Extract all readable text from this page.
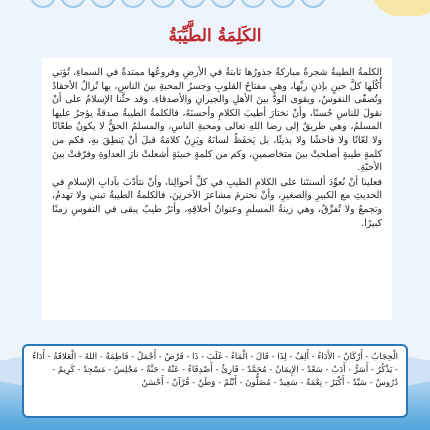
الكَلِمَةُ الطَّيِّبَةُ

الكلمةُ الطيبةُ شجرةٌ مباركةٌ جذورُها ثابتةٌ في الأرضِ وفروعُها ممتدةٌ في السماءِ، تُؤتي أُكُلَها كلَّ حينٍ بإذنِ ربِّها، وهي مفتاحُ القلوبِ وجسرُ المحبةِ بينَ الناسِ، بها تُزالُ الأحقادُ وتُصفّى النفوسُ، ويقوى الودُّ بينَ الأهلِ والجيرانِ والأصدقاءِ. وقد حثَّنا الإسلامُ على أنْ نقولَ للناسِ حُسنًا، وأنْ نختارَ أطيبَ الكلامِ وأحسنَهُ، فالكلمةُ الطيبةُ صدقةٌ يؤجرُ عليها المسلمُ، وهي طريقٌ إلى رضا اللهِ تعالى ومحبةِ الناسِ، والمسلمُ الحقُّ لا يكونُ طعّانًا ولا لعّانًا ولا فاحشًا ولا بذيئًا، بل يَحفَظُ لسانَهُ ويَزِنُ كلامَهُ قبلَ أنْ يَنطِقَ بهِ، فكم من كلمةٍ طيبةٍ أصلحتْ بينَ متخاصمينِ، وكم من كلمةٍ خبيثةٍ أشعلتْ نارَ العداوةِ وفرّقتْ بينَ الأحبّةِ.

فعلينا أنْ نُعوِّدَ ألسنتَنا على الكلامِ الطيبِ في كلِّ أحوالِنا، وأنْ نتأدّبَ بآدابِ الإسلامِ في الحديثِ مع الكبيرِ والصغيرِ، وأنْ نحترمَ مشاعرَ الآخرينَ، فالكلمةُ الطيبةُ تبني ولا تهدمُ، وتجمعُ ولا تُفرِّقُ، وهي زينةُ المسلمِ وعنوانُ أخلاقِهِ، وأثرٌ طيبٌ يبقى في النفوسِ زمنًا كبيرًا.

الْحِجَابُ - أَرْكَانٌ - الأَدَاءُ - أَلِفٌ - لِذَا - قَالَ - الْمَاءُ - غَلَبَ - ذَا - فَرْضٌ - أَجْمَلُ - فَاطِمَةُ - اللهُ - الْعَلاقَةُ - أَدَاءٌ - يَذْكُرُ - أَسَرُّ - أَدَبٌ - سَعْدٌ - الإِيمَانُ - مُحَمَّدٌ - قَارِئٌ - أَصْدِقَاءُ - عَنْهُ - جَنَّةٌ - مَجْلِسٌ - مَسْجِدٌ - كَرِيمٌ - دُرُوسٌ - سَيِّدٌ - أَكْبَرُ - نِعْمَةٌ - سَعِيدٌ - مُصَلُّونَ - أَنْتُمْ - وَطَنٌ - قُرْآنٌ - أَحْسَنُ
